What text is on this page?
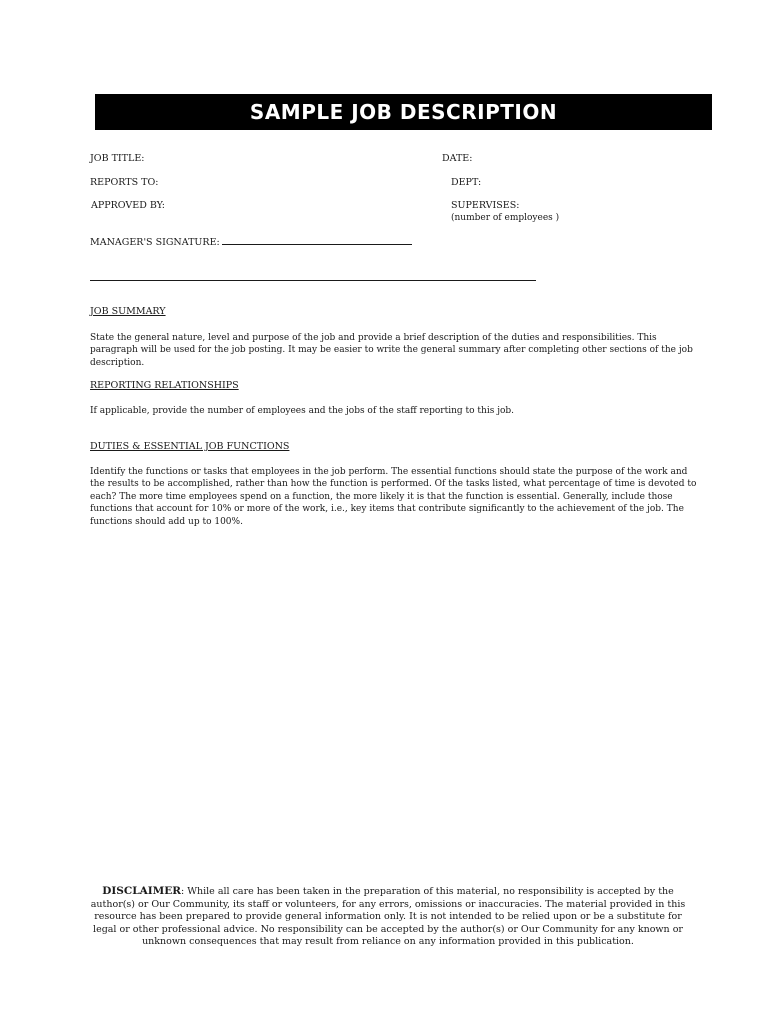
SAMPLE JOB DESCRIPTION
JOB TITLE:	DATE:
REPORTS TO:	DEPT:
APPROVED BY:	SUPERVISES:
(number of employees )
MANAGER'S SIGNATURE:
JOB SUMMARY
State the general nature, level and purpose of the job and provide a brief description of the duties and responsibilities. This paragraph will be used for the job posting. It may be easier to write the general summary after completing other sections of the job description.
REPORTING RELATIONSHIPS
If applicable, provide the number of employees and the jobs of the staff reporting to this job.
DUTIES & ESSENTIAL JOB FUNCTIONS
Identify the functions or tasks that employees in the job perform. The essential functions should state the purpose of the work and the results to be accomplished, rather than how the function is performed. Of the tasks listed, what percentage of time is devoted to each? The more time employees spend on a function, the more likely it is that the function is essential. Generally, include those functions that account for 10% or more of the work, i.e., key items that contribute significantly to the achievement of the job. The functions should add up to 100%.
DISCLAIMER: While all care has been taken in the preparation of this material, no responsibility is accepted by the author(s) or Our Community, its staff or volunteers, for any errors, omissions or inaccuracies. The material provided in this resource has been prepared to provide general information only. It is not intended to be relied upon or be a substitute for legal or other professional advice. No responsibility can be accepted by the author(s) or Our Community for any known or unknown consequences that may result from reliance on any information provided in this publication.
